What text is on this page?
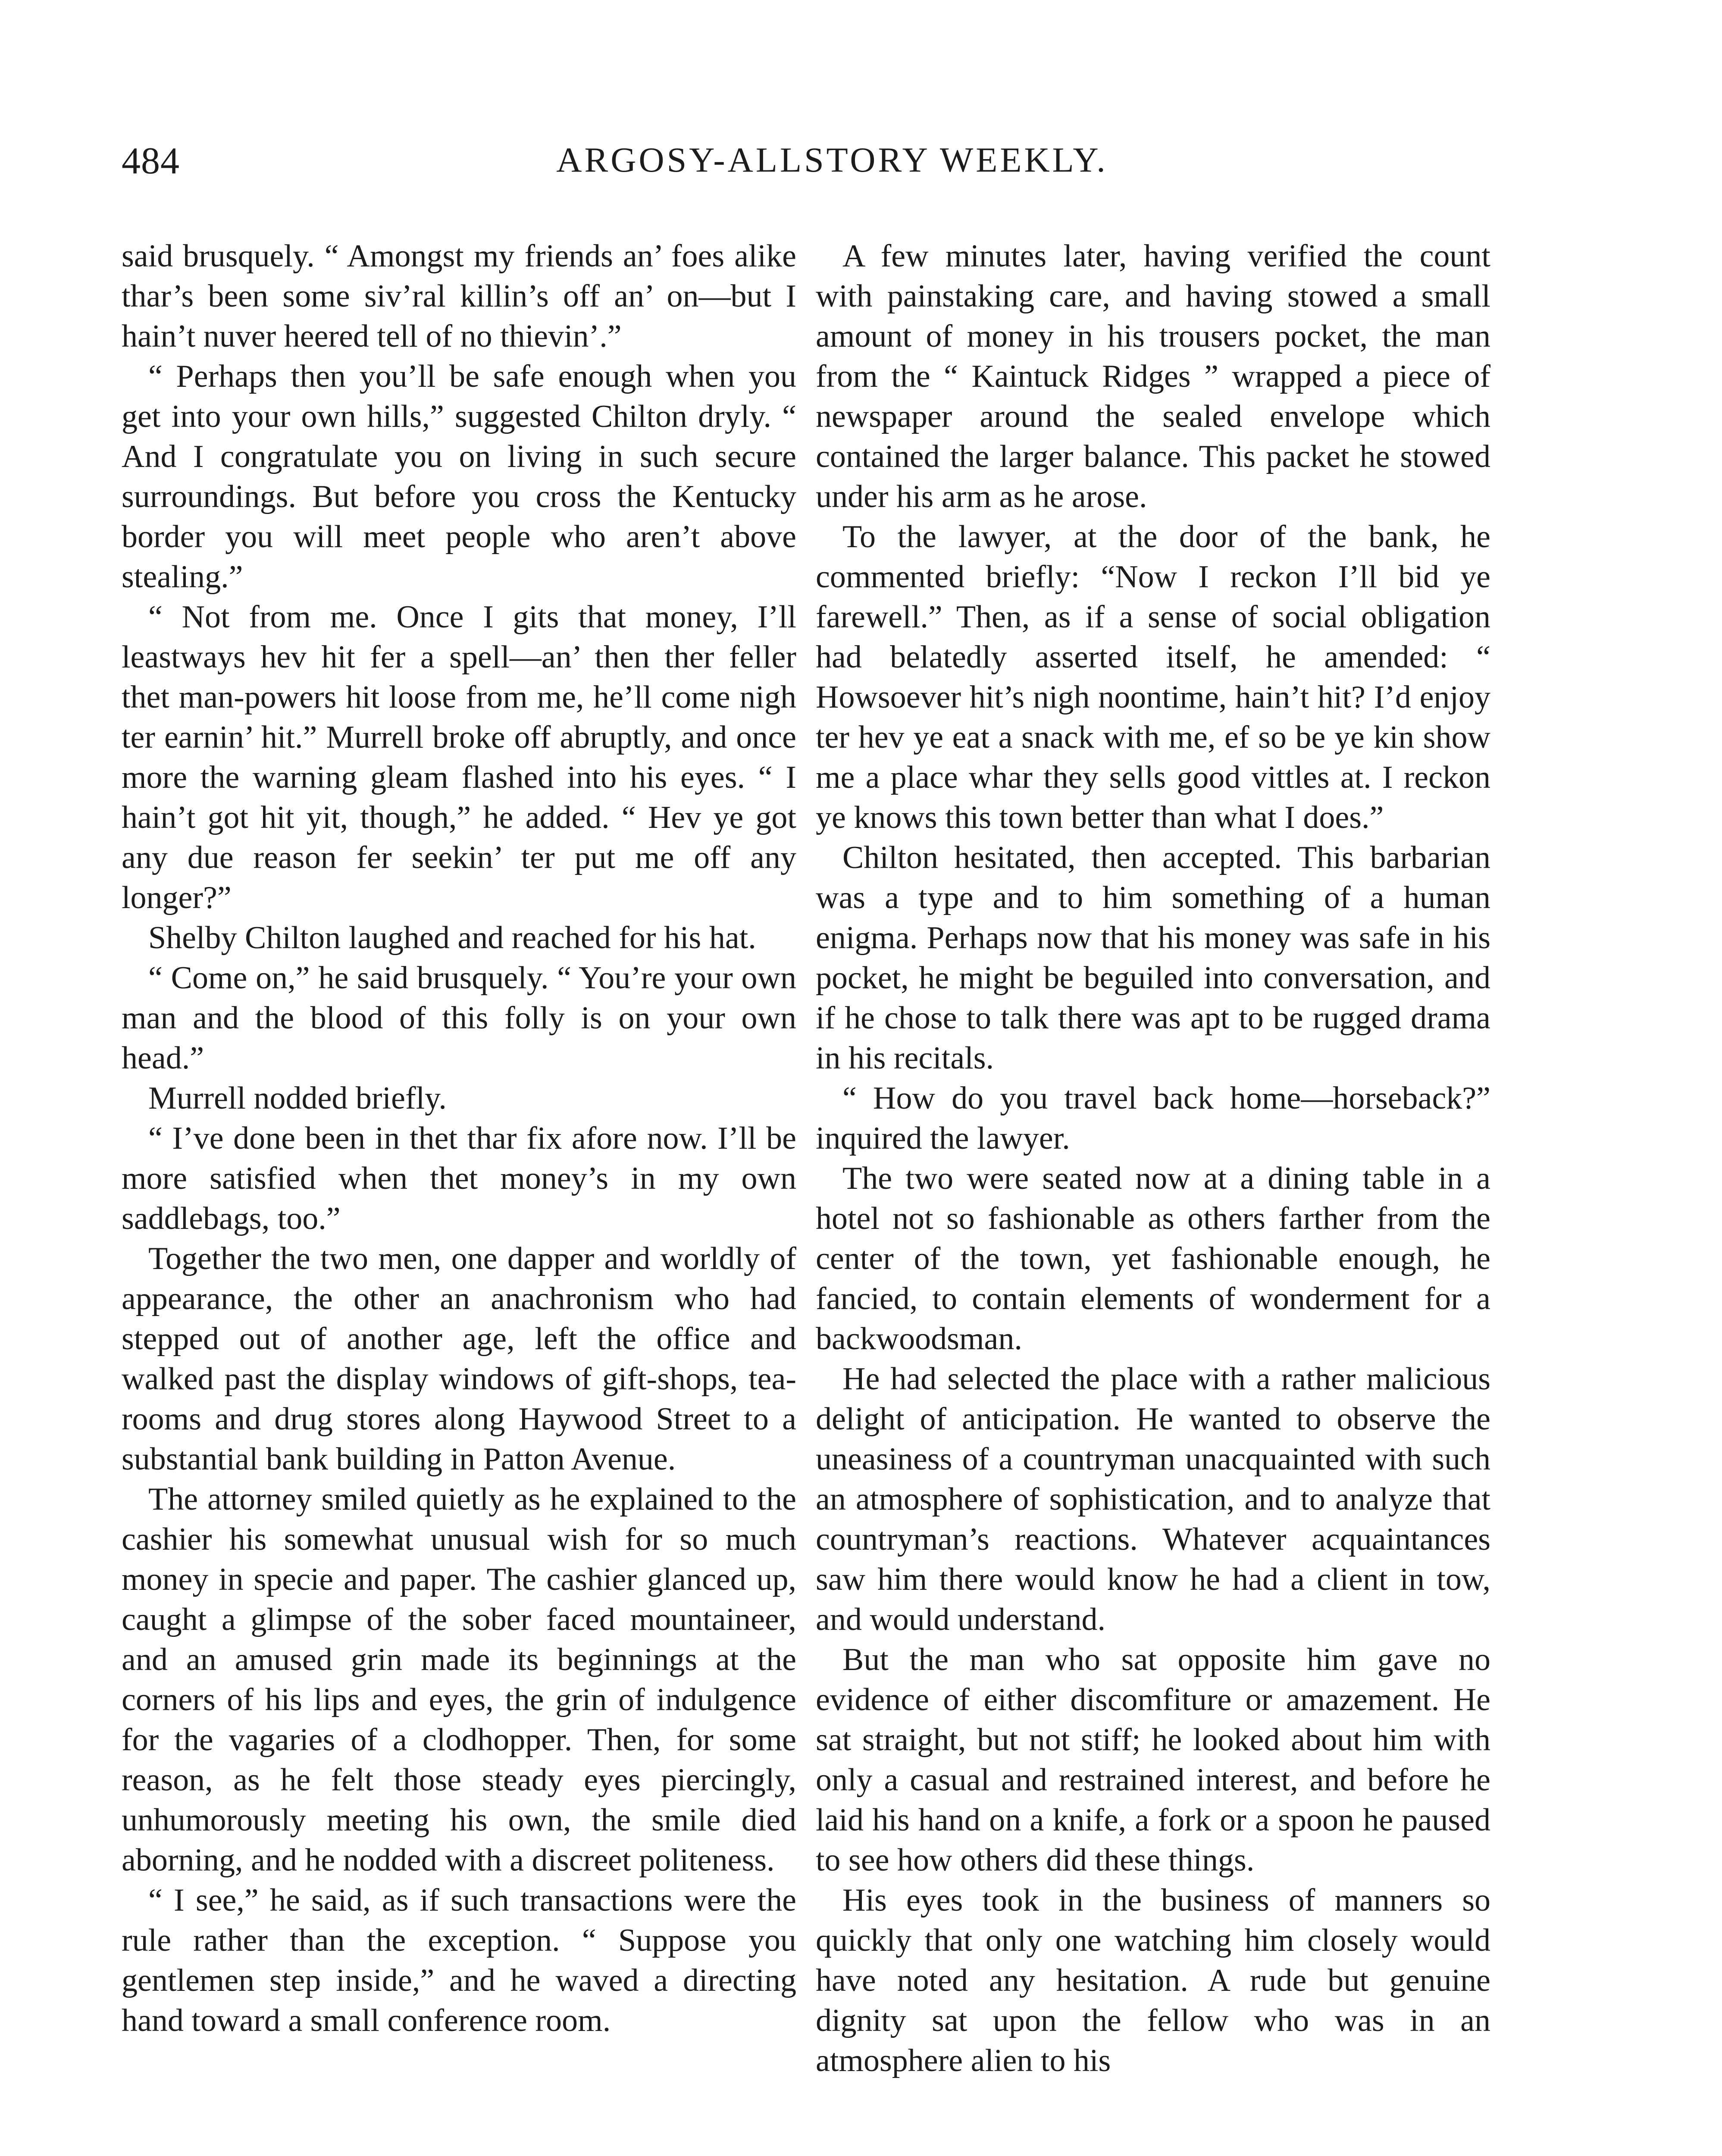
484	ARGOSY-ALLSTORY WEEKLY.

said brusquely. “ Amongst my friends an’ foes alike thar’s been some siv’ral killin’s off an’ on—but I hain’t nuver heered tell of no thievin’.”

“ Perhaps then you’ll be safe enough when you get into your own hills,” suggested Chilton dryly. “ And I congratulate you on living in such secure surroundings. But before you cross the Kentucky border you will meet people who aren’t above stealing.”

“ Not from me. Once I gits that money, I’ll leastways hev hit fer a spell—an’ then ther feller thet man-powers hit loose from me, he’ll come nigh ter earnin’ hit.” Murrell broke off abruptly, and once more the warning gleam flashed into his eyes. “ I hain’t got hit yit, though,” he added. “ Hev ye got any due reason fer seekin’ ter put me off any longer?”

Shelby Chilton laughed and reached for his hat.

“ Come on,” he said brusquely. “ You’re your own man and the blood of this folly is on your own head.”

Murrell nodded briefly.

“ I’ve done been in thet thar fix afore now. I’ll be more satisfied when thet money’s in my own saddlebags, too.”

Together the two men, one dapper and worldly of appearance, the other an anachronism who had stepped out of another age, left the office and walked past the display windows of gift-shops, tea-rooms and drug stores along Haywood Street to a substantial bank building in Patton Avenue.

The attorney smiled quietly as he explained to the cashier his somewhat unusual wish for so much money in specie and paper. The cashier glanced up, caught a glimpse of the sober faced mountaineer, and an amused grin made its beginnings at the corners of his lips and eyes, the grin of indulgence for the vagaries of a clodhopper. Then, for some reason, as he felt those steady eyes piercingly, unhumorously meeting his own, the smile died aborning, and he nodded with a discreet politeness.

“ I see,” he said, as if such transactions were the rule rather than the exception. “ Suppose you gentlemen step inside,” and he waved a directing hand toward a small conference room.

A few minutes later, having verified the count with painstaking care, and having stowed a small amount of money in his trousers pocket, the man from the “ Kaintuck Ridges ” wrapped a piece of newspaper around the sealed envelope which contained the larger balance. This packet he stowed under his arm as he arose.

To the lawyer, at the door of the bank, he commented briefly: “Now I reckon I’ll bid ye farewell.” Then, as if a sense of social obligation had belatedly asserted itself, he amended: “ Howsoever hit’s nigh noontime, hain’t hit? I’d enjoy ter hev ye eat a snack with me, ef so be ye kin show me a place whar they sells good vittles at. I reckon ye knows this town better than what I does.”

Chilton hesitated, then accepted. This barbarian was a type and to him something of a human enigma. Perhaps now that his money was safe in his pocket, he might be beguiled into conversation, and if he chose to talk there was apt to be rugged drama in his recitals.

“ How do you travel back home—horseback?” inquired the lawyer.

The two were seated now at a dining table in a hotel not so fashionable as others farther from the center of the town, yet fashionable enough, he fancied, to contain elements of wonderment for a backwoodsman.

He had selected the place with a rather malicious delight of anticipation. He wanted to observe the uneasiness of a countryman unacquainted with such an atmosphere of sophistication, and to analyze that countryman’s reactions. Whatever acquaintances saw him there would know he had a client in tow, and would understand.

But the man who sat opposite him gave no evidence of either discomfiture or amazement. He sat straight, but not stiff; he looked about him with only a casual and restrained interest, and before he laid his hand on a knife, a fork or a spoon he paused to see how others did these things.

His eyes took in the business of manners so quickly that only one watching him closely would have noted any hesitation. A rude but genuine dignity sat upon the fellow who was in an atmosphere alien to his
